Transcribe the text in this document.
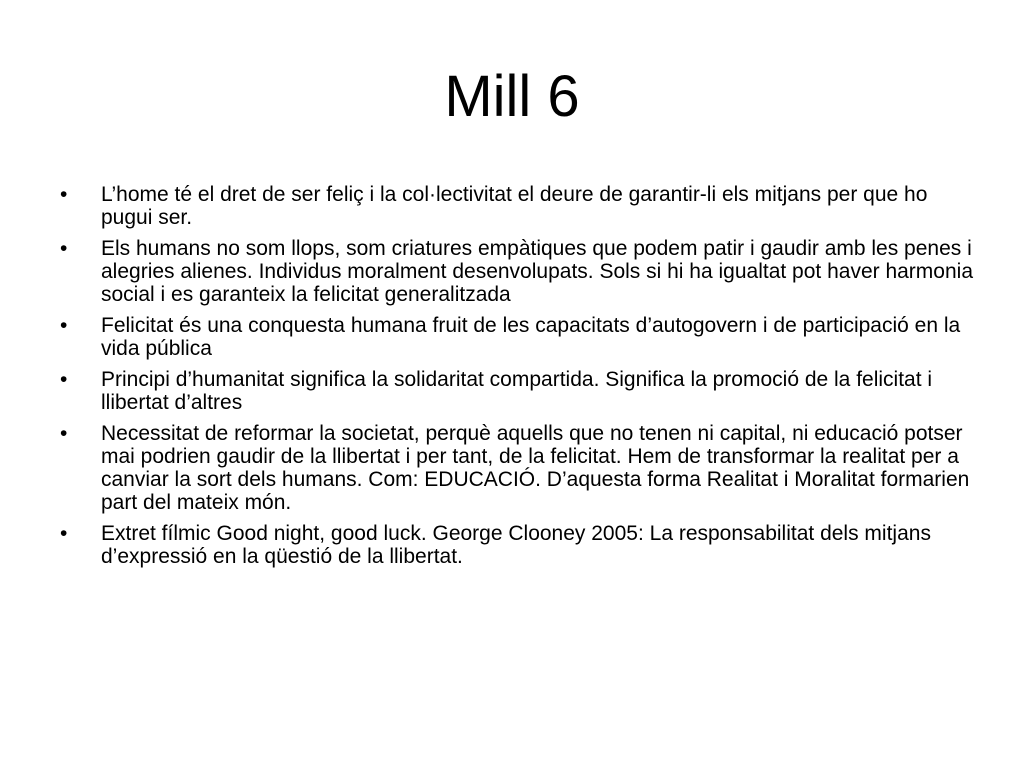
Mill 6
• L’home té el dret de ser feliç i la col·lectivitat el deure de garantir-li els mitjans per que ho pugui ser.
• Els humans no som llops, som criatures empàtiques que podem patir i gaudir amb les penes i alegries alienes. Individus moralment desenvolupats. Sols si hi ha igualtat pot haver harmonia social i es garanteix la felicitat generalitzada
• Felicitat és una conquesta humana fruit de les capacitats d’autogovern i de participació en la vida pública
• Principi d’humanitat significa la solidaritat compartida. Significa la promoció de la felicitat i llibertat d’altres
• Necessitat de reformar la societat, perquè aquells que no tenen ni capital, ni educació potser mai podrien gaudir de la llibertat i per tant, de la felicitat. Hem de transformar la realitat per a canviar la sort dels humans. Com: EDUCACIÓ. D’aquesta forma Realitat i Moralitat formarien part del mateix món.
• Extret fílmic Good night, good luck. George Clooney 2005: La responsabilitat dels mitjans d’expressió en la qüestió de la llibertat.
